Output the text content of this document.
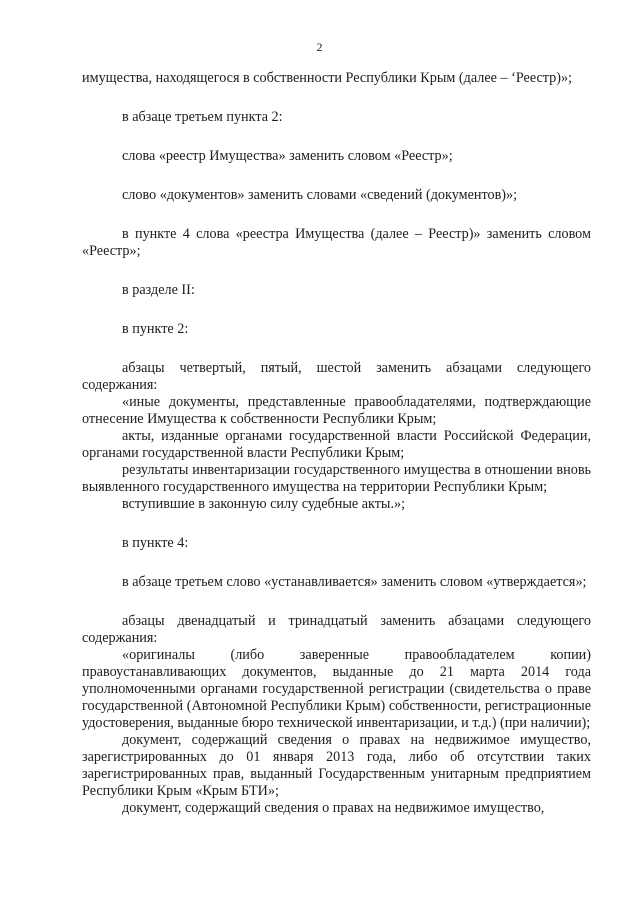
2

имущества, находящегося в собственности Республики Крым (далее – ‘Реестр)»;

в абзаце третьем пункта 2:

слова «реестр Имущества» заменить словом «Реестр»;

слово «документов» заменить словами «сведений (документов)»;

в пункте 4 слова «реестра Имущества (далее – Реестр)» заменить словом «Реестр»;

в разделе II:

в пункте 2:

абзацы четвертый, пятый, шестой заменить абзацами следующего содержания:

«иные документы, представленные правообладателями, подтверждающие отнесение Имущества к собственности Республики Крым;

акты, изданные органами государственной власти Российской Федерации, органами государственной власти Республики Крым;

результаты инвентаризации государственного имущества в отношении вновь выявленного государственного имущества на территории Республики Крым;

вступившие в законную силу судебные акты.»;

в пункте 4:

в абзаце третьем слово «устанавливается» заменить словом «утверждается»;

абзацы двенадцатый и тринадцатый заменить абзацами следующего содержания:

«оригиналы (либо заверенные правообладателем копии) правоустанавливающих документов, выданные до 21 марта 2014 года уполномоченными органами государственной регистрации (свидетельства о праве государственной (Автономной Республики Крым) собственности, регистрационные удостоверения, выданные бюро технической инвентаризации, и т.д.) (при наличии);

документ, содержащий сведения о правах на недвижимое имущество, зарегистрированных до 01 января 2013 года, либо об отсутствии таких зарегистрированных прав, выданный Государственным унитарным предприятием Республики Крым «Крым БТИ»;

документ, содержащий сведения о правах на недвижимое имущество,
